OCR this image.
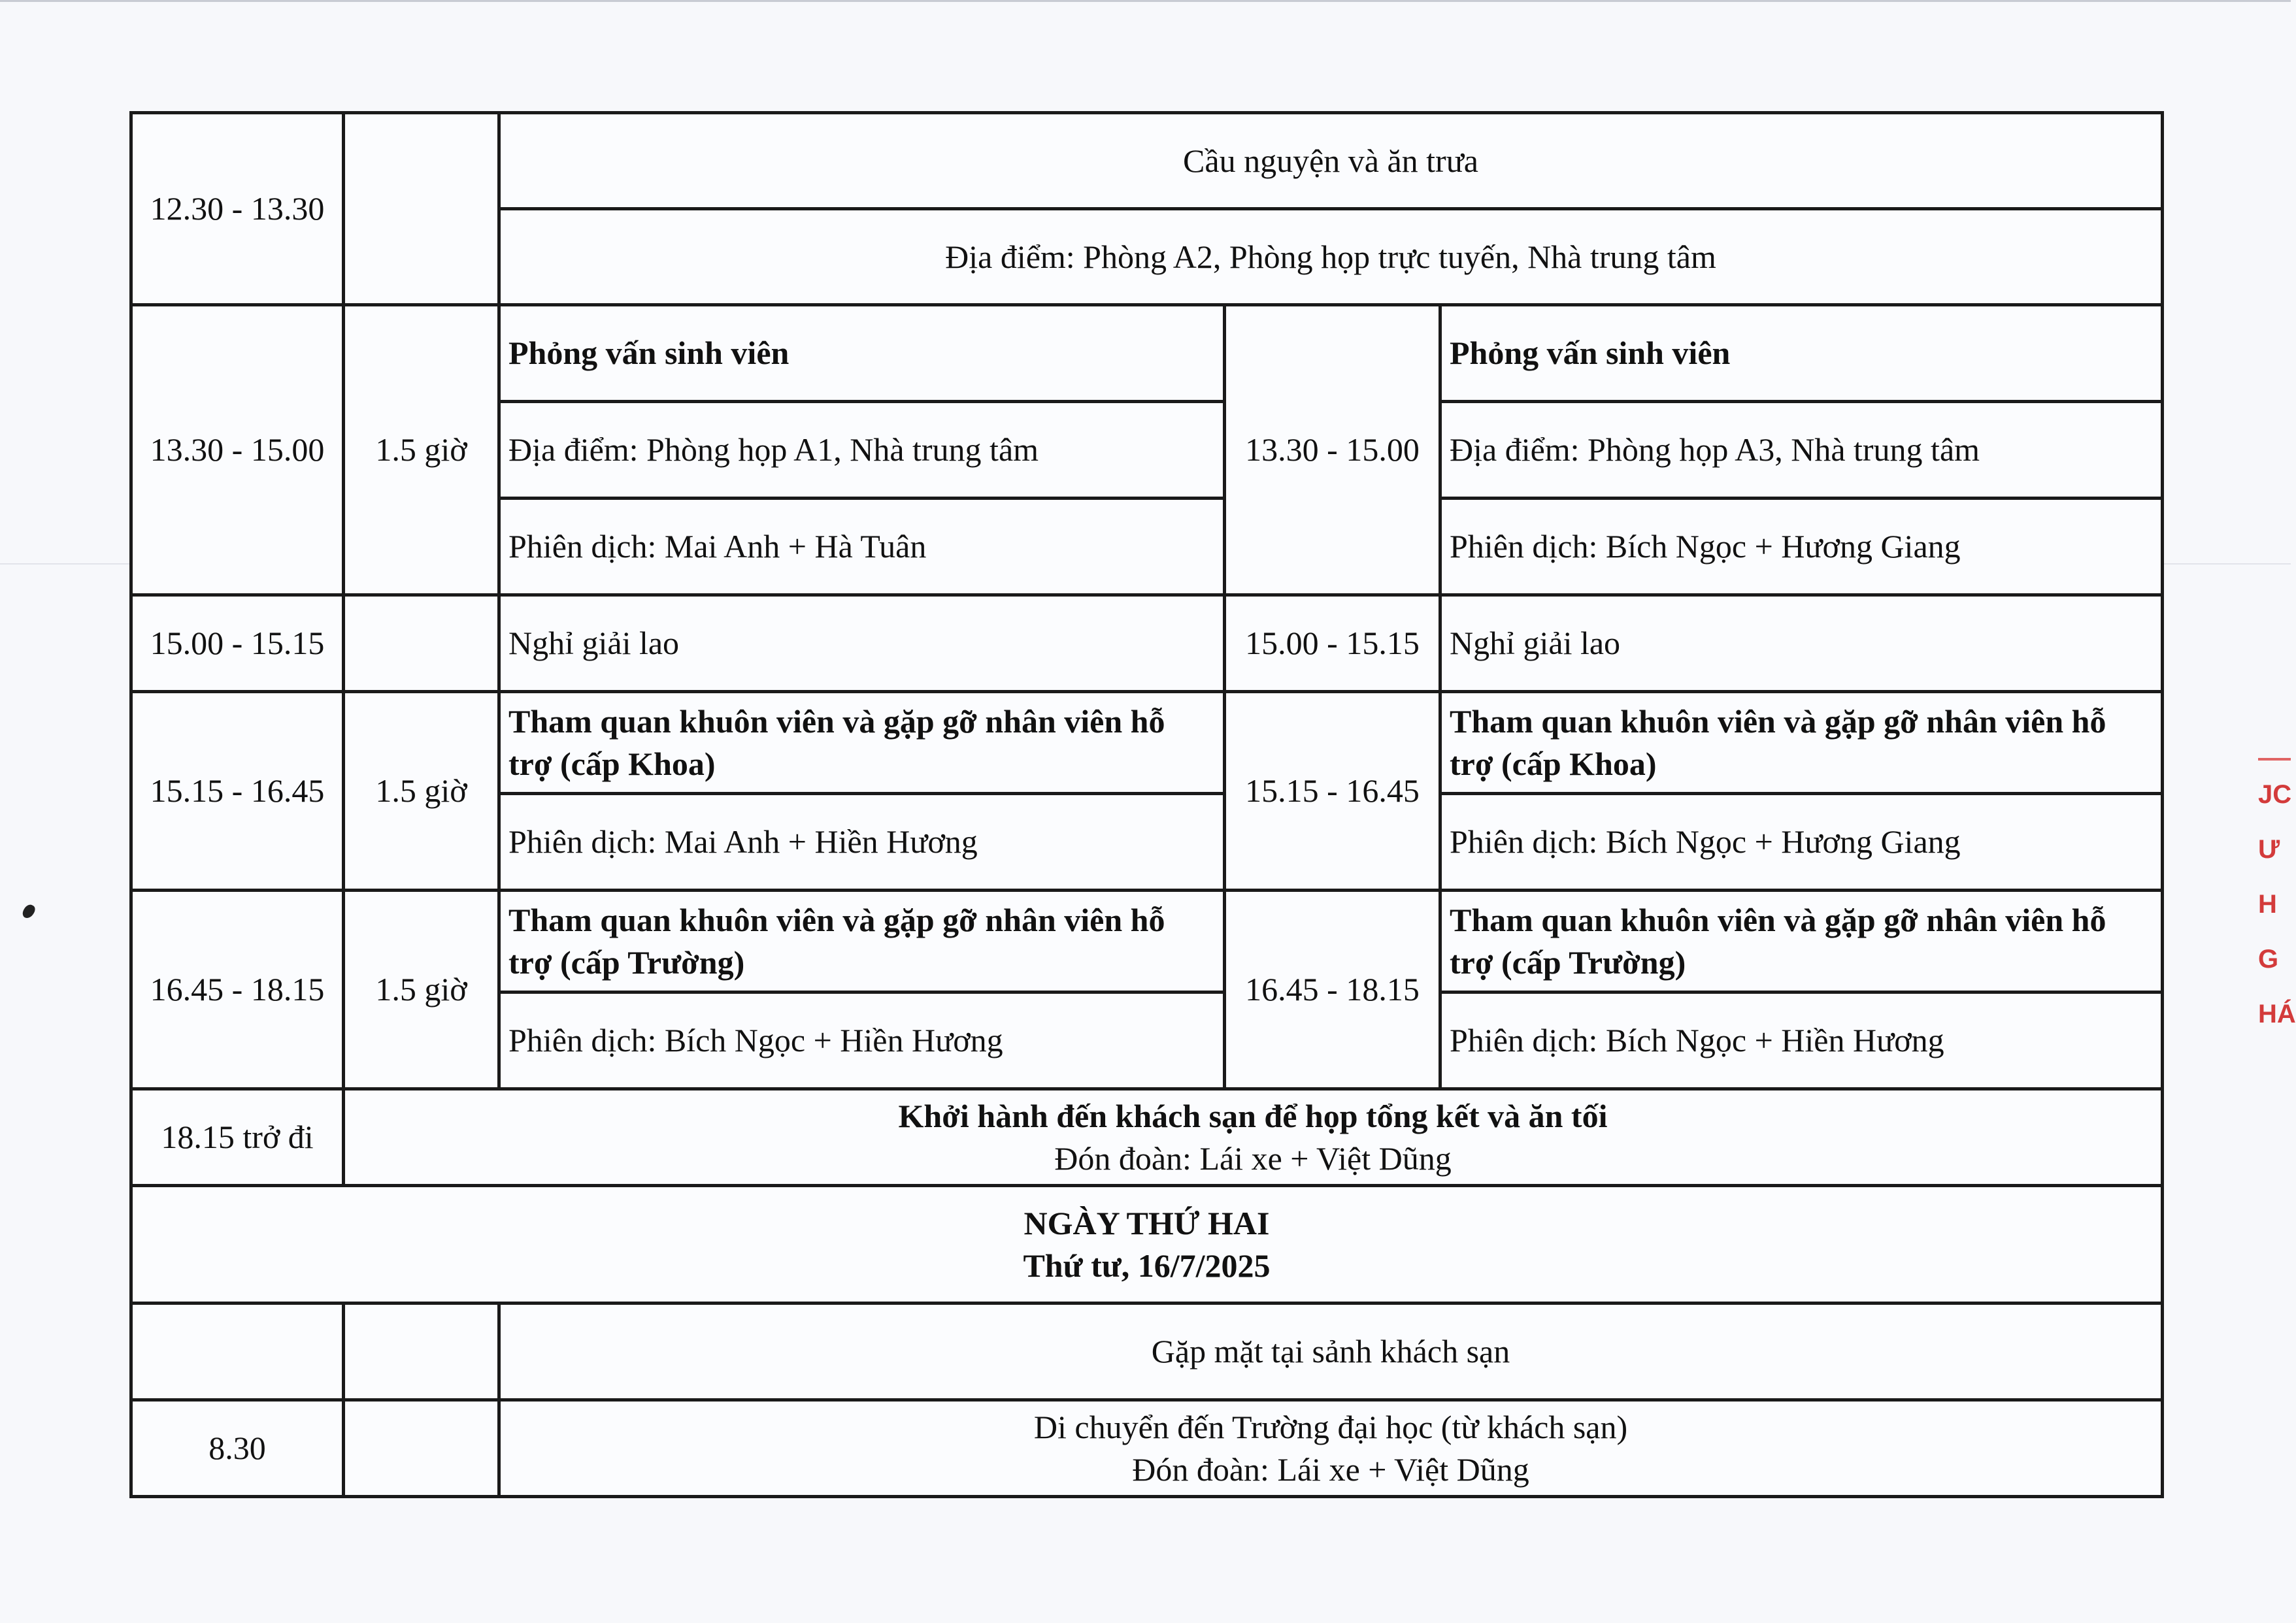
12.30 - 13.30		Cầu nguyện và ăn trưa		
		Địa điểm: Phòng A2, Phòng họp trực tuyến, Nhà trung tâm		
13.30 - 15.00	1.5 giờ	Phỏng vấn sinh viên	13.30 - 15.00	Phỏng vấn sinh viên
		Địa điểm: Phòng họp A1, Nhà trung tâm		Địa điểm: Phòng họp A3, Nhà trung tâm
		Phiên dịch: Mai Anh + Hà Tuân		Phiên dịch: Bích Ngọc + Hương Giang
15.00 - 15.15		Nghỉ giải lao	15.00 - 15.15	Nghỉ giải lao
15.15 - 16.45	1.5 giờ	Tham quan khuôn viên và gặp gỡ nhân viên hỗ trợ (cấp Khoa)	15.15 - 16.45	Tham quan khuôn viên và gặp gỡ nhân viên hỗ trợ (cấp Khoa)
		Phiên dịch: Mai Anh + Hiền Hương		Phiên dịch: Bích Ngọc + Hương Giang
16.45 - 18.15	1.5 giờ	Tham quan khuôn viên và gặp gỡ nhân viên hỗ trợ (cấp Trường)	16.45 - 18.15	Tham quan khuôn viên và gặp gỡ nhân viên hỗ trợ (cấp Trường)
		Phiên dịch: Bích Ngọc + Hiền Hương		Phiên dịch: Bích Ngọc + Hiền Hương
18.15 trở đi	Khởi hành đến khách sạn để họp tổng kết và ăn tối
Đón đoàn: Lái xe + Việt Dũng			

NGÀY THỨ HAI
Thứ tư, 16/7/2025				

		Gặp mặt tại sảnh khách sạn		
8.30		Di chuyển đến Trường đại học (từ khách sạn)
Đón đoàn: Lái xe + Việt Dũng		
JC
Ư
H
G
HÁ
